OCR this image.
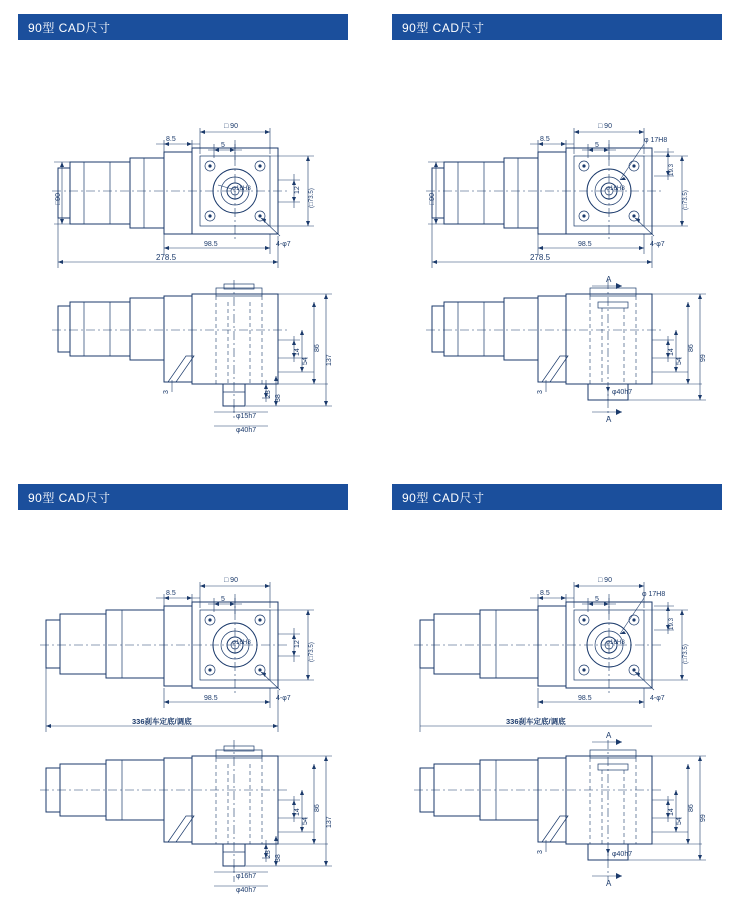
90型 CAD尺寸
□ 90
8.5
5
12 (□73.5)
□90
φ16H8
4-φ7
98.5
278.5
14
54
86
137
23
38
3
φ15h7
φ40h7
90型 CAD尺寸
□ 90
8.5
5
φ 17H8
19.3
(□73.5)
□90
φ16H8
4-φ7
98.5
278.5
A
A
14
54
86
99
3	φ40h7
90型 CAD尺寸
□ 90
8.5
5
12 (□73.5)
φ16H8
4-φ7
98.5
336刹车定底/调底
14
54
86
137
23
38
φ16h7
φ40h7
90型 CAD尺寸
□ 90
8.5
5
φ 17H8
19.3
(□73.5)
φ16H8
4-φ7
98.5
336刹车定底/调底
A
A
14
54
86
99
3	φ40h7
